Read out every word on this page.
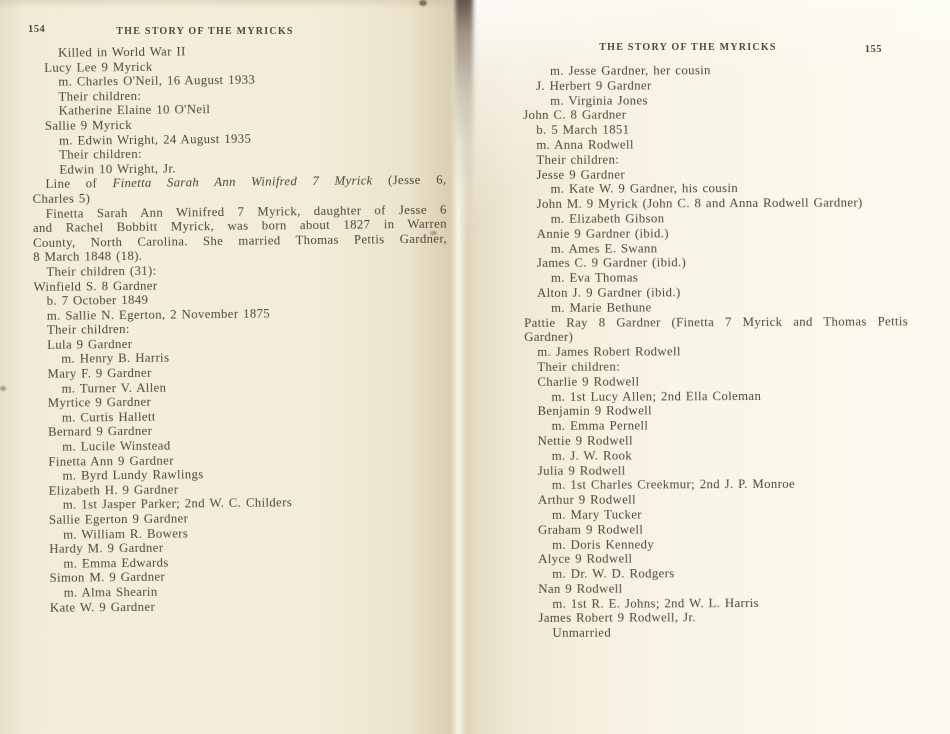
154	THE STORY OF THE MYRICKS
Killed in World War II
Lucy Lee 9 Myrick
m. Charles O'Neil, 16 August 1933
Their children:
Katherine Elaine 10 O'Neil
Sallie 9 Myrick
m. Edwin Wright, 24 August 1935
Their children:
Edwin 10 Wright, Jr.
Line of Finetta Sarah Ann Winifred 7 Myrick (Jesse 6,
Charles 5)
Finetta Sarah Ann Winifred 7 Myrick, daughter of Jesse 6
and Rachel Bobbitt Myrick, was born about 1827 in Warren
County, North Carolina. She married Thomas Pettis Gardner,
8 March 1848 (18).
Their children (31):
Winfield S. 8 Gardner
b. 7 October 1849
m. Sallie N. Egerton, 2 November 1875
Their children:
Lula 9 Gardner
m. Henry B. Harris
Mary F. 9 Gardner
m. Turner V. Allen
Myrtice 9 Gardner
m. Curtis Hallett
Bernard 9 Gardner
m. Lucile Winstead
Finetta Ann 9 Gardner
m. Byrd Lundy Rawlings
Elizabeth H. 9 Gardner
m. 1st Jasper Parker; 2nd W. C. Childers
Sallie Egerton 9 Gardner
m. William R. Bowers
Hardy M. 9 Gardner
m. Emma Edwards
Simon M. 9 Gardner
m. Alma Shearin
Kate W. 9 Gardner
THE STORY OF THE MYRICKS	155
m. Jesse Gardner, her cousin
J. Herbert 9 Gardner
m. Virginia Jones
John C. 8 Gardner
b. 5 March 1851
m. Anna Rodwell
Their children:
Jesse 9 Gardner
m. Kate W. 9 Gardner, his cousin
John M. 9 Myrick (John C. 8 and Anna Rodwell Gardner)
m. Elizabeth Gibson
Annie 9 Gardner (ibid.)
m. Ames E. Swann
James C. 9 Gardner (ibid.)
m. Eva Thomas
Alton J. 9 Gardner (ibid.)
m. Marie Bethune
Pattie Ray 8 Gardner (Finetta 7 Myrick and Thomas Pettis
Gardner)
m. James Robert Rodwell
Their children:
Charlie 9 Rodwell
m. 1st Lucy Allen; 2nd Ella Coleman
Benjamin 9 Rodwell
m. Emma Pernell
Nettie 9 Rodwell
m. J. W. Rook
Julia 9 Rodwell
m. 1st Charles Creekmur; 2nd J. P. Monroe
Arthur 9 Rodwell
m. Mary Tucker
Graham 9 Rodwell
m. Doris Kennedy
Alyce 9 Rodwell
m. Dr. W. D. Rodgers
Nan 9 Rodwell
m. 1st R. E. Johns; 2nd W. L. Harris
James Robert 9 Rodwell, Jr.
Unmarried
